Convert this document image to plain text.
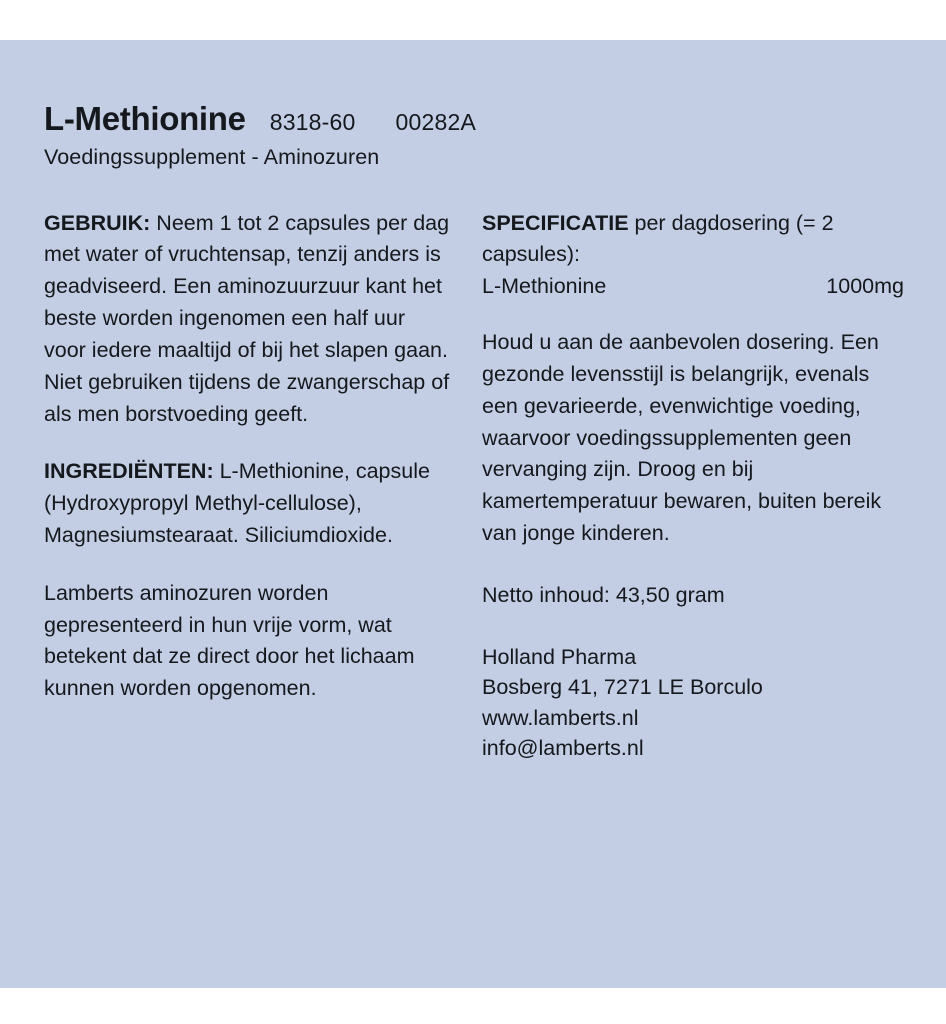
L-Methionine 8318-60 00282A
Voedingssupplement - Aminozuren
GEBRUIK: Neem 1 tot 2 capsules per dag met water of vruchtensap, tenzij anders is geadviseerd. Een aminozuurzuur kant het beste worden ingenomen een half uur voor iedere maaltijd of bij het slapen gaan. Niet gebruiken tijdens de zwangerschap of als men borstvoeding geeft.
INGREDIËNTEN: L-Methionine, capsule (Hydroxypropyl Methyl-cellulose), Magnesiumstearaat. Siliciumdioxide.
Lamberts aminozuren worden gepresenteerd in hun vrije vorm, wat betekent dat ze direct door het lichaam kunnen worden opgenomen.
SPECIFICATIE per dagdosering (= 2 capsules):
L-Methionine	1000mg
Houd u aan de aanbevolen dosering. Een gezonde levensstijl is belangrijk, evenals een gevarieerde, evenwichtige voeding, waarvoor voedingssupplementen geen vervanging zijn. Droog en bij kamertemperatuur bewaren, buiten bereik van jonge kinderen.
Netto inhoud: 43,50 gram
Holland Pharma
Bosberg 41, 7271 LE Borculo
www.lamberts.nl
info@lamberts.nl
